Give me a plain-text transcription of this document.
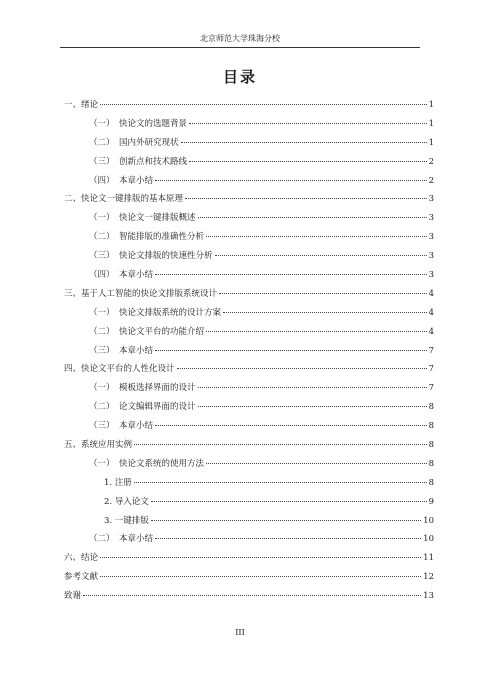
北京师范大学珠海分校
目录
一、绪论	1
（一） 快论文的选题背景	1
（二） 国内外研究现状	1
（三） 创新点和技术路线	2
（四） 本章小结	2
二、快论文一键排版的基本原理	3
（一） 快论文一键排版概述	3
（二） 智能排版的准确性分析	3
（三） 快论文排版的快速性分析	3
（四） 本章小结	3
三、基于人工智能的快论文排版系统设计	4
（一） 快论文排版系统的设计方案	4
（二） 快论文平台的功能介绍	4
（三） 本章小结	7
四、快论文平台的人性化设计	7
（一） 模板选择界面的设计	7
（二） 论文编辑界面的设计	8
（三） 本章小结	8
五、系统应用实例	8
（一） 快论文系统的使用方法	8
1. 注册	8
2. 导入论文	9
3. 一键排版	10
（二） 本章小结	10
六、结论	11
参考文献	12
致谢	13
III
